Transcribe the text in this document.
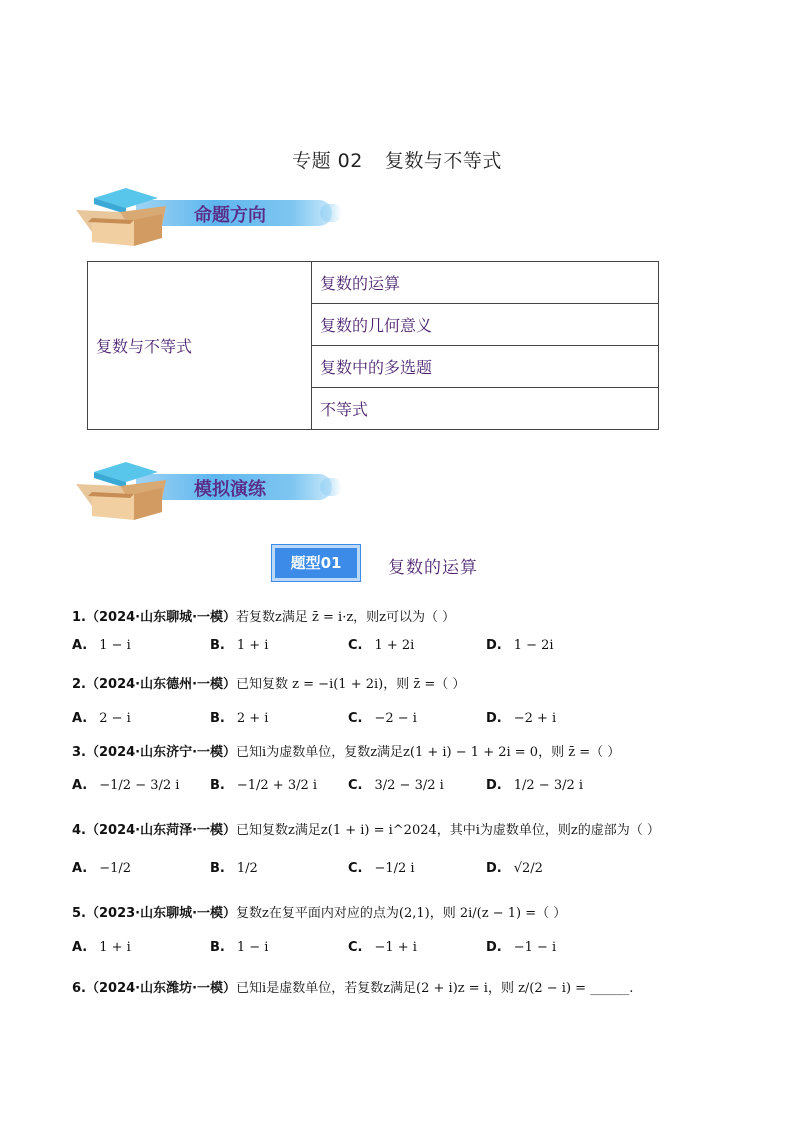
专题 02 复数与不等式
命题方向
复数与不等式	复数的运算
复数的几何意义
复数中的多选题
不等式
模拟演练
题型01	复数的运算
1.（2024·山东聊城·一模）若复数z满足 z̄ = i·z，则z可以为（ ）
A. 1 − i	B. 1 + i	C. 1 + 2i	D. 1 − 2i
2.（2024·山东德州·一模）已知复数 z = −i(1 + 2i)，则 z̄ =（ ）
A. 2 − i	B. 2 + i	C. −2 − i	D. −2 + i
3.（2024·山东济宁·一模）已知i为虚数单位，复数z满足z(1 + i) − 1 + 2i = 0，则 z̄ =（ ）
A. −1/2 − 3/2 i B. −1/2 + 3/2 i C. 3/2 − 3/2 i	D. 1/2 − 3/2 i
4.（2024·山东菏泽·一模）已知复数z满足z(1 + i) = i^2024，其中i为虚数单位，则z的虚部为（ ）
A. −1/2	B. 1/2	C. −1/2 i	D. √2/2
5.（2023·山东聊城·一模）复数z在复平面内对应的点为(2,1)，则 2i/(z − 1) =（ ）
A. 1 + i	B. 1 − i	C. −1 + i	D. −1 − i
6.（2024·山东潍坊·一模）已知i是虚数单位，若复数z满足(2 + i)z = i，则 z/(2 − i) = ______.
